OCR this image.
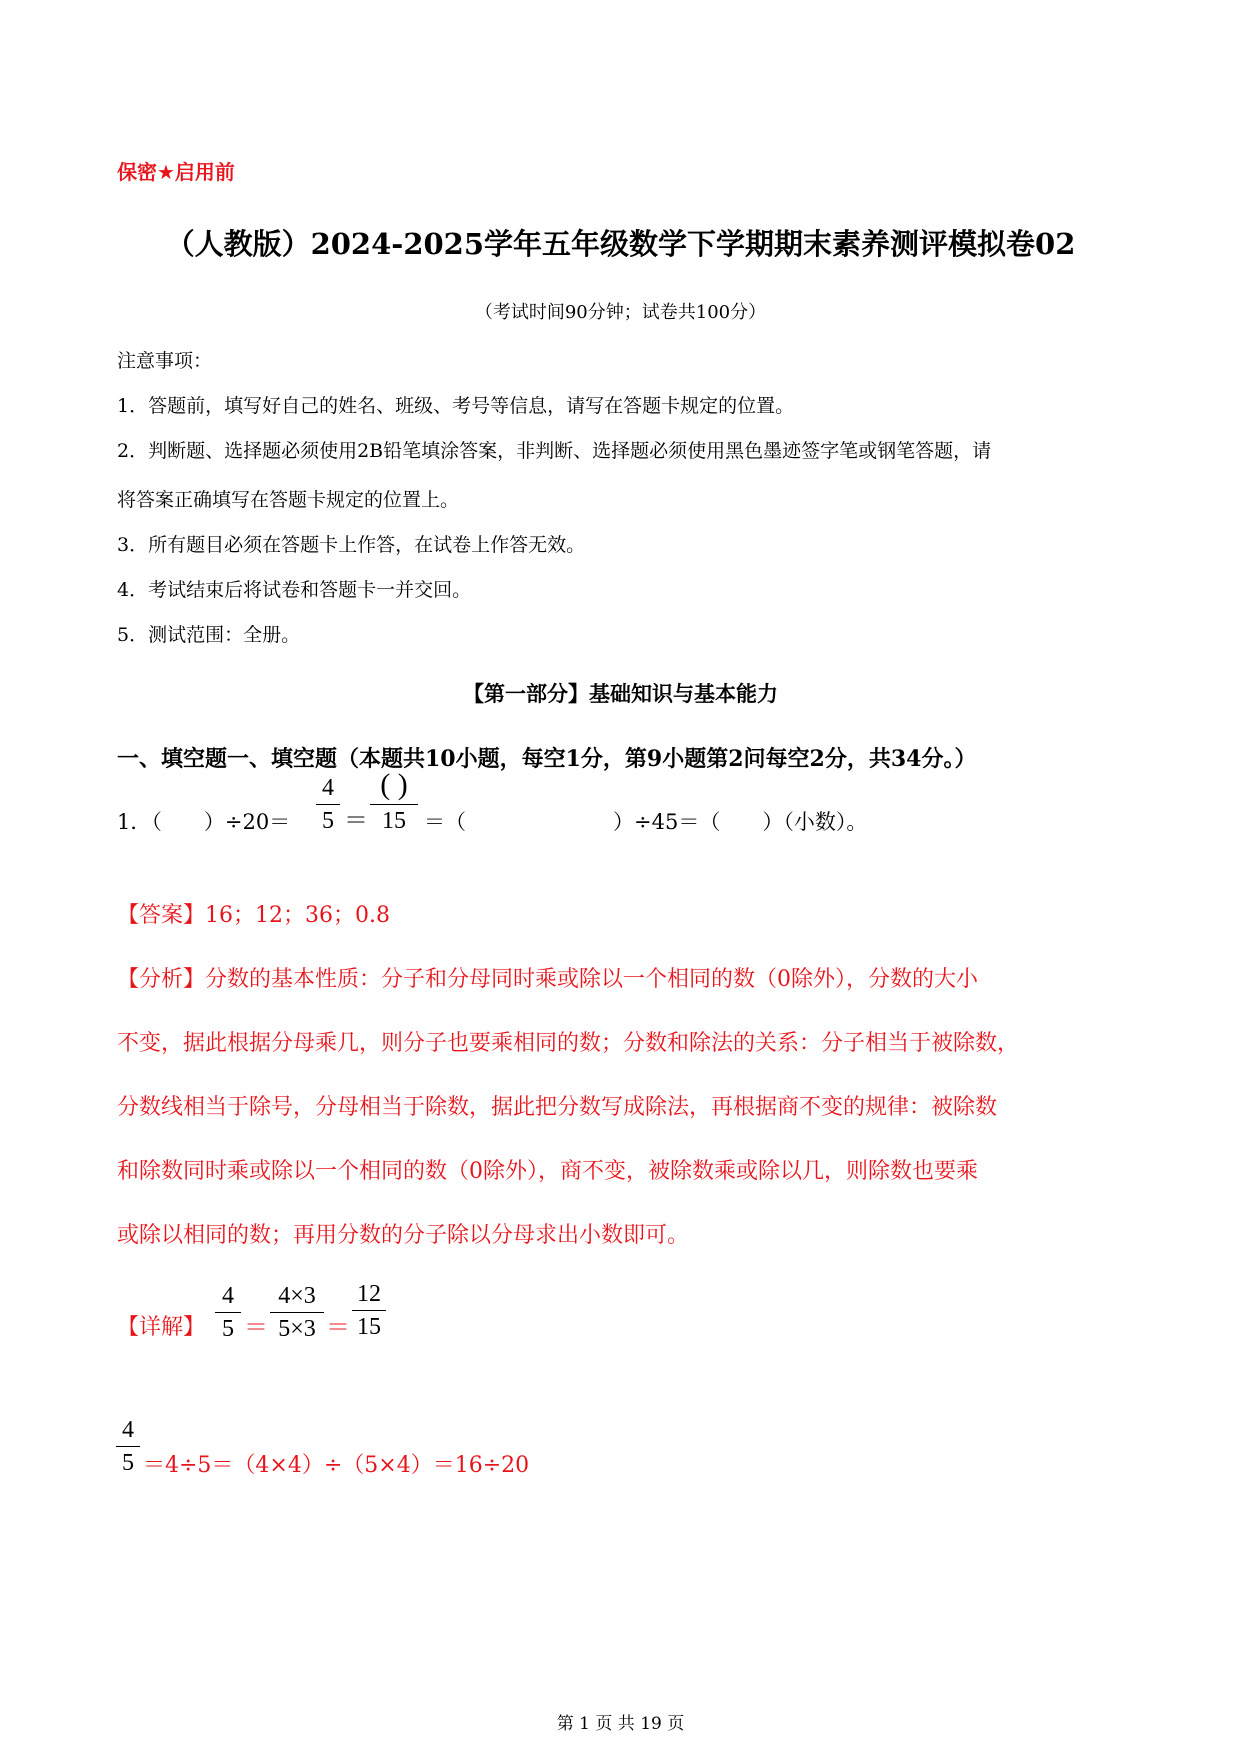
保密★启用前
（人教版）2024-2025学年五年级数学下学期期末素养测评模拟卷02
（考试时间90分钟；试卷共100分）
注意事项：
1．答题前，填写好自己的姓名、班级、考号等信息，请写在答题卡规定的位置。
2．判断题、选择题必须使用2B铅笔填涂答案，非判断、选择题必须使用黑色墨迹签字笔或钢笔答题，请
将答案正确填写在答题卡规定的位置上。
3．所有题目必须在答题卡上作答，在试卷上作答无效。
4．考试结束后将试卷和答题卡一并交回。
5．测试范围：全册。
【第一部分】基础知识与基本能力
一、填空题一、填空题（本题共10小题，每空1分，第9小题第2问每空2分，共34分。）
1．（　　）÷20＝
4
5 ＝
( )
15 ＝（　　　　　　　）÷45＝（　　）（小数）。
【答案】16；12；36；0.8
【分析】分数的基本性质：分子和分母同时乘或除以一个相同的数（0除外），分数的大小
不变，据此根据分母乘几，则分子也要乘相同的数；分数和除法的关系：分子相当于被除数，
分数线相当于除号，分母相当于除数，据此把分数写成除法，再根据商不变的规律：被除数
和除数同时乘或除以一个相同的数（0除外），商不变，被除数乘或除以几，则除数也要乘
或除以相同的数；再用分数的分子除以分母求出小数即可。
【详解】
4
5 ＝
4×3
5×3 ＝
12
15
4
5 ＝4÷5＝（4×4）÷（5×4）＝16÷20
第 1 页 共 19 页
